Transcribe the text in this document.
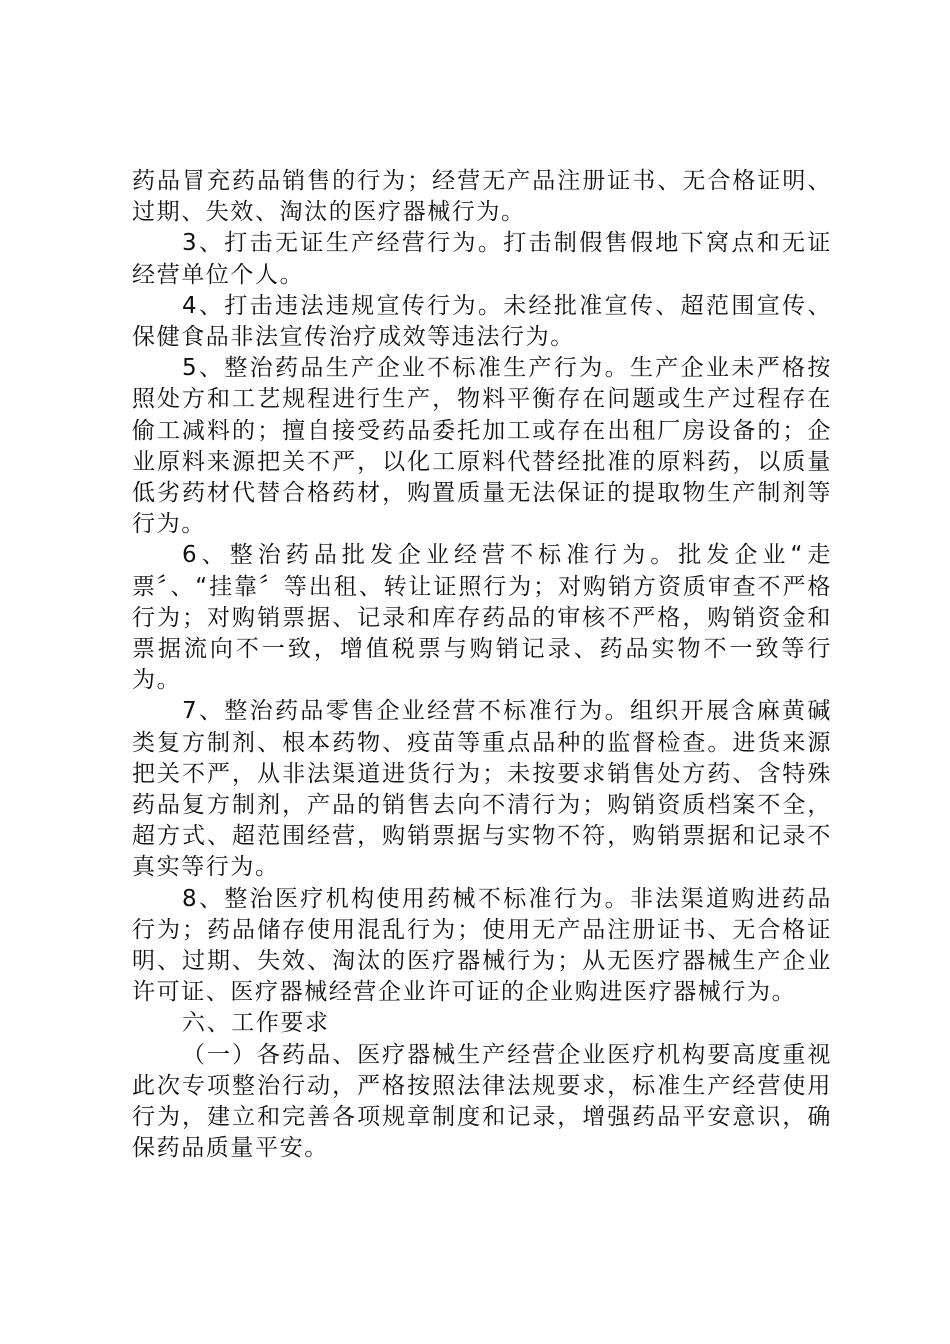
药品冒充药品销售的行为；经营无产品注册证书、无合格证明、过期、失效、淘汰的医疗器械行为。

3、打击无证生产经营行为。打击制假售假地下窝点和无证经营单位个人。

4、打击违法违规宣传行为。未经批准宣传、超范围宣传、保健食品非法宣传治疗成效等违法行为。

5、整治药品生产企业不标准生产行为。生产企业未严格按照处方和工艺规程进行生产，物料平衡存在问题或生产过程存在偷工减料的；擅自接受药品委托加工或存在出租厂房设备的；企业原料来源把关不严，以化工原料代替经批准的原料药，以质量低劣药材代替合格药材，购置质量无法保证的提取物生产制剂等行为。

6、整治药品批发企业经营不标准行为。批发企业“走票〞、“挂靠〞等出租、转让证照行为；对购销方资质审查不严格行为；对购销票据、记录和库存药品的审核不严格，购销资金和票据流向不一致，增值税票与购销记录、药品实物不一致等行为。

7、整治药品零售企业经营不标准行为。组织开展含麻黄碱类复方制剂、根本药物、疫苗等重点品种的监督检查。进货来源把关不严，从非法渠道进货行为；未按要求销售处方药、含特殊药品复方制剂，产品的销售去向不清行为；购销资质档案不全，超方式、超范围经营，购销票据与实物不符，购销票据和记录不真实等行为。

8、整治医疗机构使用药械不标准行为。非法渠道购进药品行为；药品储存使用混乱行为；使用无产品注册证书、无合格证明、过期、失效、淘汰的医疗器械行为；从无医疗器械生产企业许可证、医疗器械经营企业许可证的企业购进医疗器械行为。

六、工作要求

（一）各药品、医疗器械生产经营企业医疗机构要高度重视此次专项整治行动，严格按照法律法规要求，标准生产经营使用行为，建立和完善各项规章制度和记录，增强药品平安意识，确保药品质量平安。
